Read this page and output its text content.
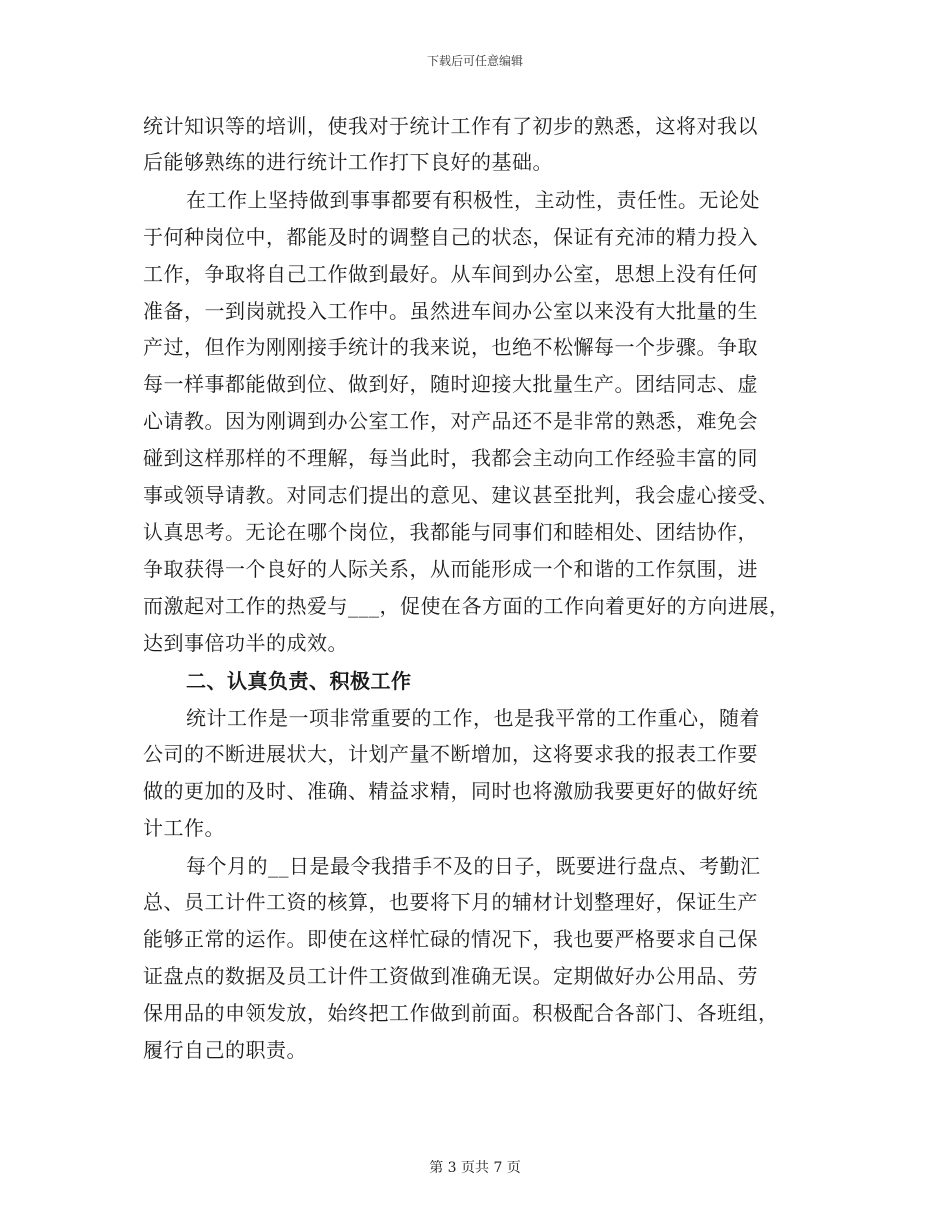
下载后可任意编辑
统计知识等的培训，使我对于统计工作有了初步的熟悉，这将对我以
后能够熟练的进行统计工作打下良好的基础。
在工作上坚持做到事事都要有积极性，主动性，责任性。无论处
于何种岗位中，都能及时的调整自己的状态，保证有充沛的精力投入
工作，争取将自己工作做到最好。从车间到办公室，思想上没有任何
准备，一到岗就投入工作中。虽然进车间办公室以来没有大批量的生
产过，但作为刚刚接手统计的我来说，也绝不松懈每一个步骤。争取
每一样事都能做到位、做到好，随时迎接大批量生产。团结同志、虚
心请教。因为刚调到办公室工作，对产品还不是非常的熟悉，难免会
碰到这样那样的不理解，每当此时，我都会主动向工作经验丰富的同
事或领导请教。对同志们提出的意见、建议甚至批判，我会虚心接受、
认真思考。无论在哪个岗位，我都能与同事们和睦相处、团结协作，
争取获得一个良好的人际关系，从而能形成一个和谐的工作氛围，进
而激起对工作的热爱与___，促使在各方面的工作向着更好的方向进展，
达到事倍功半的成效。
二、认真负责、积极工作
统计工作是一项非常重要的工作，也是我平常的工作重心，随着
公司的不断进展状大，计划产量不断增加，这将要求我的报表工作要
做的更加的及时、准确、精益求精，同时也将激励我要更好的做好统
计工作。
每个月的__日是最令我措手不及的日子，既要进行盘点、考勤汇
总、员工计件工资的核算，也要将下月的辅材计划整理好，保证生产
能够正常的运作。即使在这样忙碌的情况下，我也要严格要求自己保
证盘点的数据及员工计件工资做到准确无误。定期做好办公用品、劳
保用品的申领发放，始终把工作做到前面。积极配合各部门、各班组，
履行自己的职责。
第 3 页共 7 页
